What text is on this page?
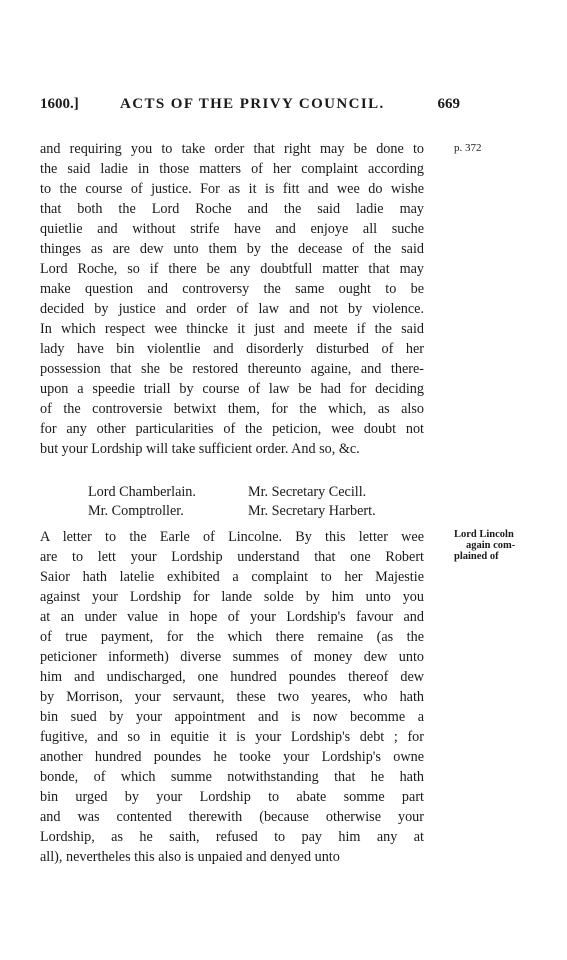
1600.]	ACTS OF THE PRIVY COUNCIL.	669
p. 372
and requiring you to take order that right may be done to
the said ladie in those matters of her complaint according
to the course of justice. For as it is fitt and wee do wishe
that both the Lord Roche and the said ladie may
quietlie and without strife have and enjoye all suche
thinges as are dew unto them by the decease of the said
Lord Roche, so if there be any doubtfull matter that may
make question and controversy the same ought to be
decided by justice and order of law and not by violence.
In which respect wee thincke it just and meete if the said
lady have bin violentlie and disorderly disturbed of her
possession that she be restored thereunto againe, and there-
upon a speedie triall by course of law be had for deciding
of the controversie betwixt them, for the which, as also
for any other particularities of the peticion, wee doubt not
but your Lordship will take sufficient order. And so, &c.
Lord Chamberlain.	Mr. Secretary Cecill.
Mr. Comptroller.	Mr. Secretary Harbert.
Lord Lincoln
again com-
plained of
A letter to the Earle of Lincolne. By this letter wee
are to lett your Lordship understand that one Robert
Saior hath latelie exhibited a complaint to her Majestie
against your Lordship for lande solde by him unto you
at an under value in hope of your Lordship's favour and
of true payment, for the which there remaine (as the
peticioner informeth) diverse summes of money dew unto
him and undischarged, one hundred poundes thereof dew
by Morrison, your servaunt, these two yeares, who hath
bin sued by your appointment and is now becomme a
fugitive, and so in equitie it is your Lordship's debt ; for
another hundred poundes he tooke your Lordship's owne
bonde, of which summe notwithstanding that he hath
bin urged by your Lordship to abate somme part
and was contented therewith (because otherwise your
Lordship, as he saith, refused to pay him any at
all), nevertheles this also is unpaied and denyed unto
